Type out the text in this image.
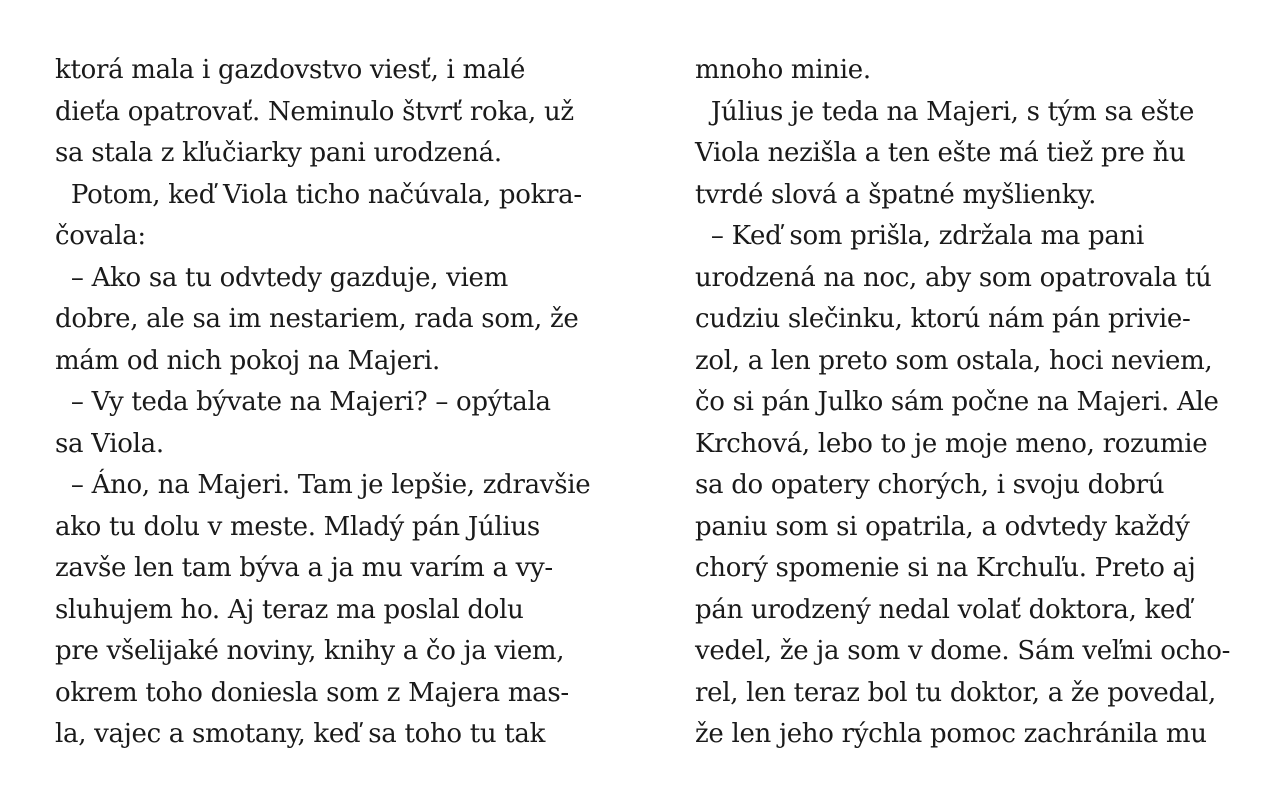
ktorá mala i gazdovstvo viesť, i malé
dieťa opatrovať. Neminulo štvrť roka, už
sa stala z kľučiarky pani urodzená.
Potom, keď Viola ticho načúvala, pokra-
čovala:
– Ako sa tu odvtedy gazduje, viem
dobre, ale sa im nestariem, rada som, že
mám od nich pokoj na Majeri.
– Vy teda bývate na Majeri? – opýtala
sa Viola.
– Áno, na Majeri. Tam je lepšie, zdravšie
ako tu dolu v meste. Mladý pán Július
zavše len tam býva a ja mu varím a vy-
sluhujem ho. Aj teraz ma poslal dolu
pre všelijaké noviny, knihy a čo ja viem,
okrem toho doniesla som z Majera mas-
la, vajec a smotany, keď sa toho tu tak
mnoho minie.
Július je teda na Majeri, s tým sa ešte
Viola nezišla a ten ešte má tiež pre ňu
tvrdé slová a špatné myšlienky.
– Keď som prišla, zdržala ma pani
urodzená na noc, aby som opatrovala tú
cudziu slečinku, ktorú nám pán privie-
zol, a len preto som ostala, hoci neviem,
čo si pán Julko sám počne na Majeri. Ale
Krchová, lebo to je moje meno, rozumie
sa do opatery chorých, i svoju dobrú
paniu som si opatrila, a odvtedy každý
chorý spomenie si na Krchuľu. Preto aj
pán urodzený nedal volať doktora, keď
vedel, že ja som v dome. Sám veľmi ocho-
rel, len teraz bol tu doktor, a že povedal,
že len jeho rýchla pomoc zachránila mu
